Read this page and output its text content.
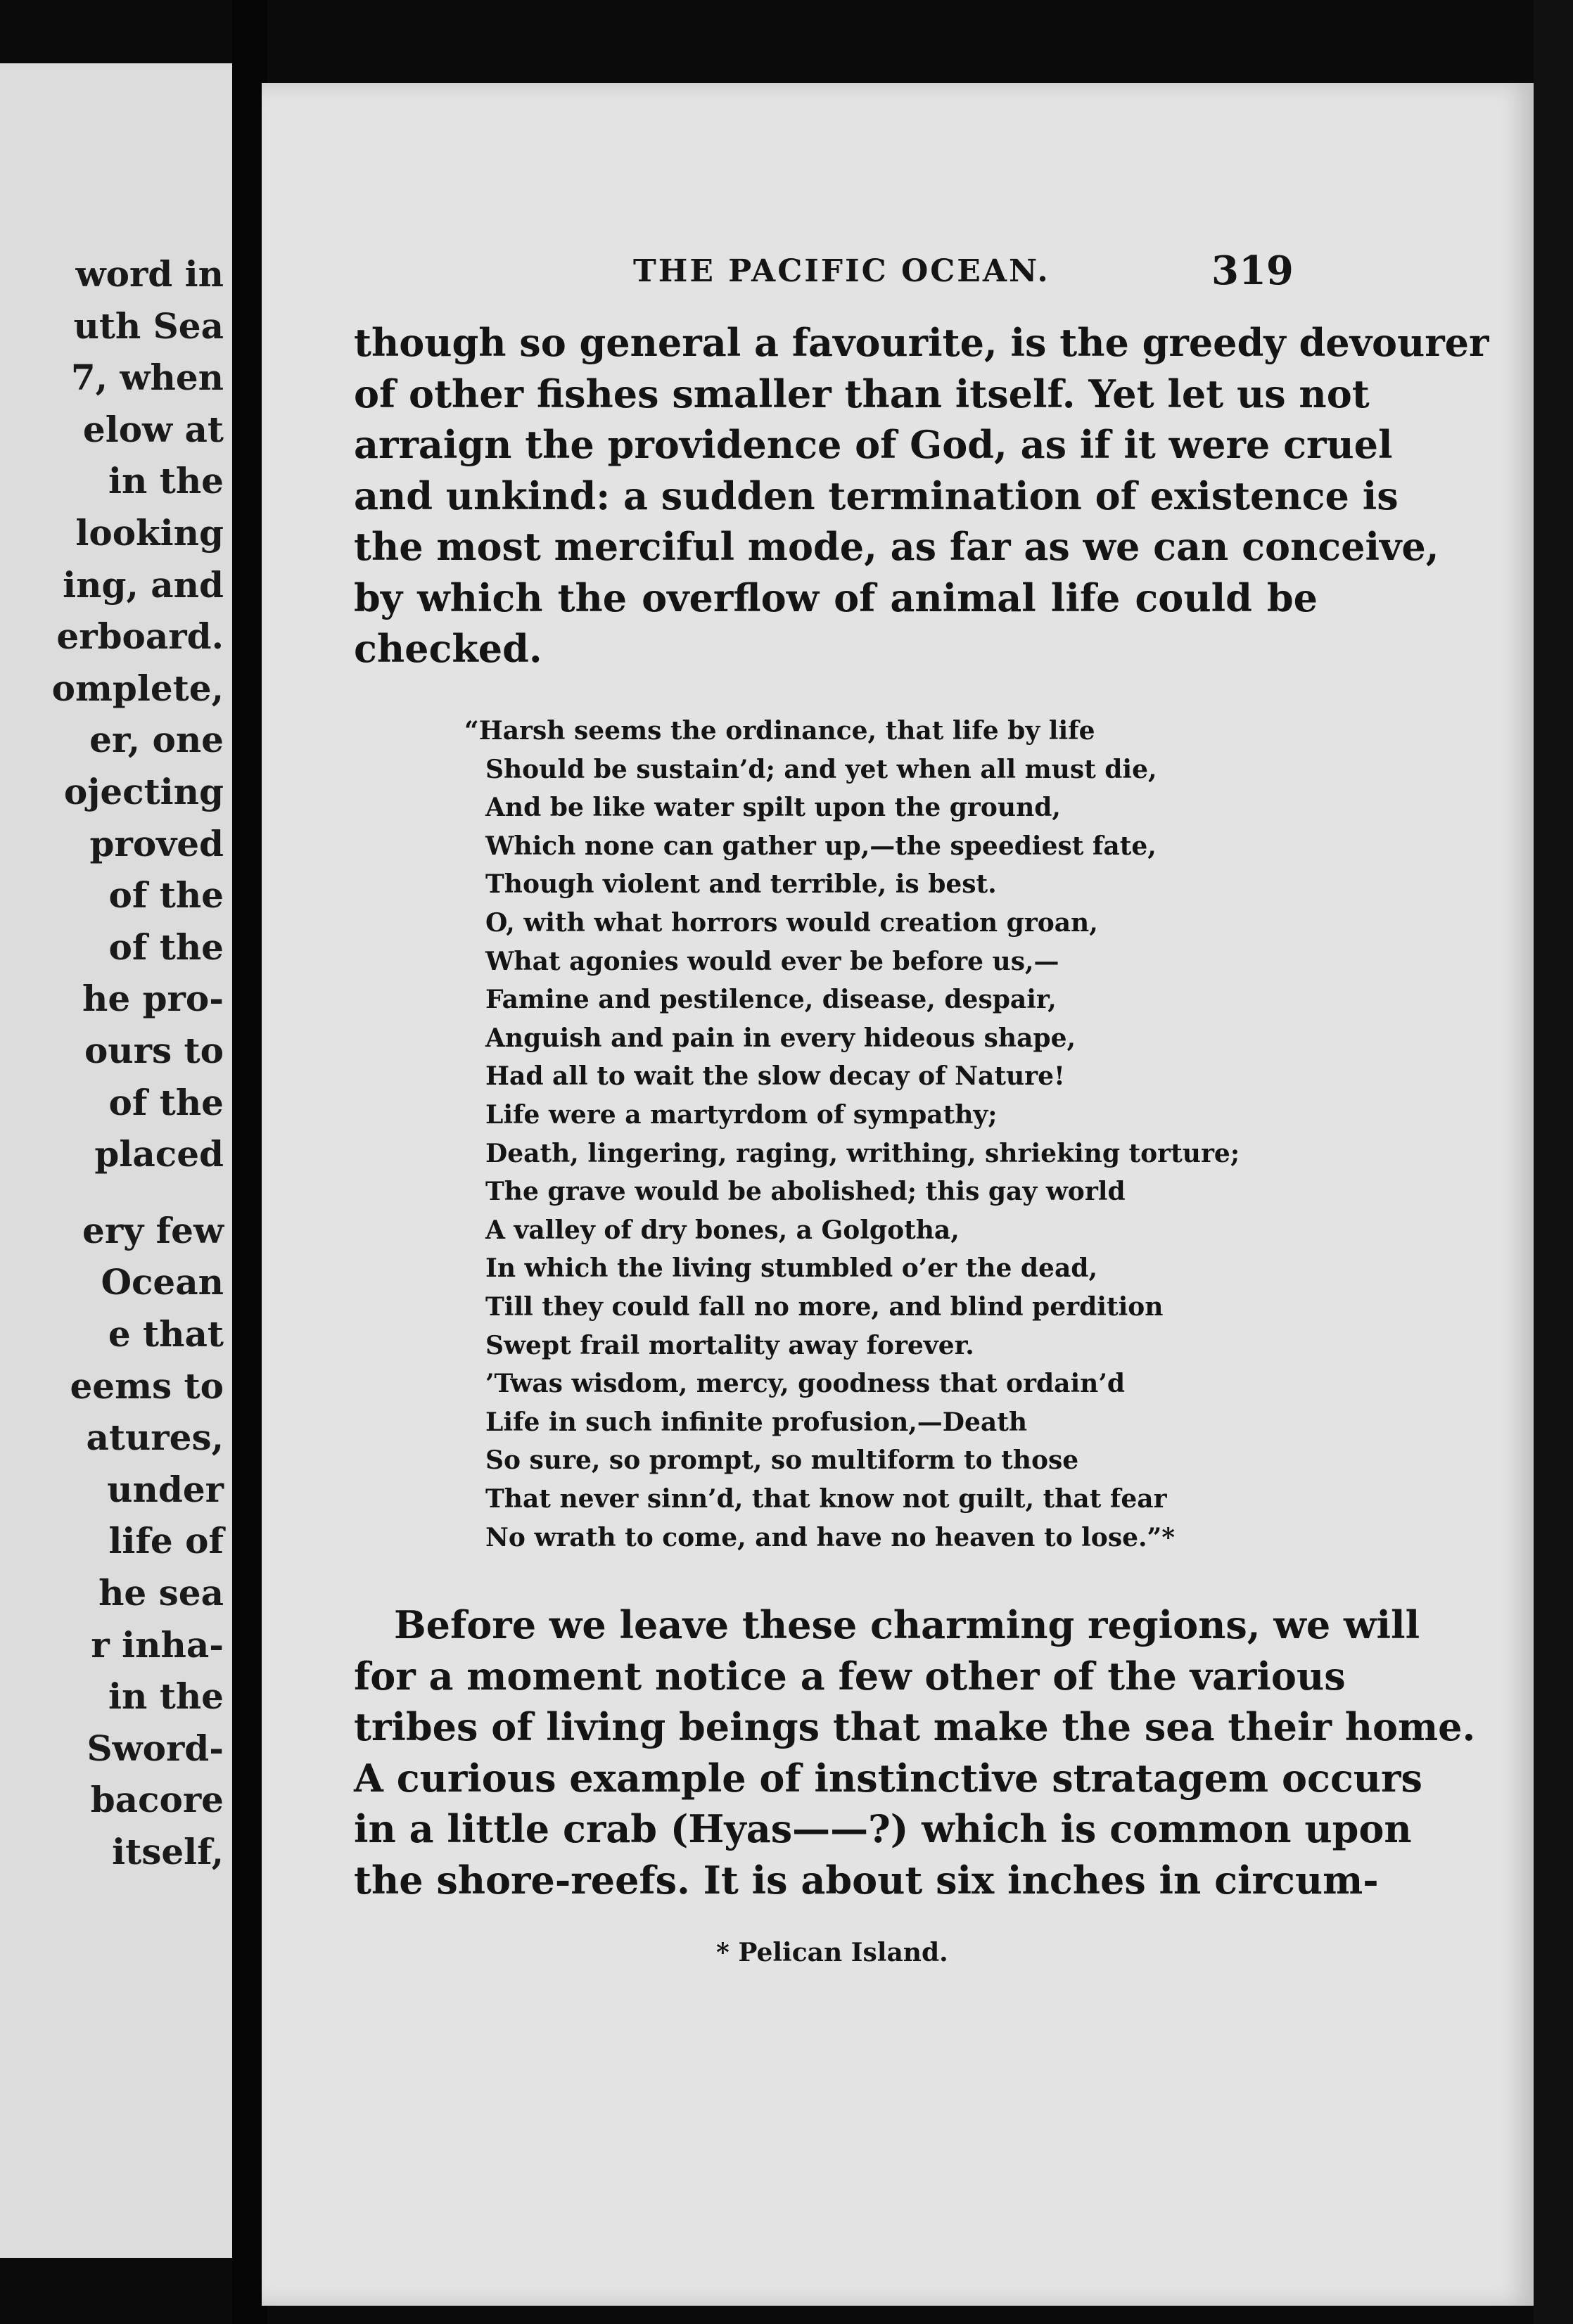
word in
uth Sea
7, when
elow at
in the
looking
ing, and
erboard.
omplete,
er, one
ojecting
proved
of the
of the
he pro-
ours to
of the
placed
ery few
Ocean
e that
eems to
atures,
under
life of
he sea
r inha-
in the
Sword-
bacore
itself,
THE PACIFIC OCEAN.	319
though so general a favourite, is the greedy devourer
of other fishes smaller than itself. Yet let us not
arraign the providence of God, as if it were cruel
and unkind: a sudden termination of existence is
the most merciful mode, as far as we can conceive,
by which the overflow of animal life could be
checked.
“Harsh seems the ordinance, that life by life
Should be sustain’d; and yet when all must die,
And be like water spilt upon the ground,
Which none can gather up,—the speediest fate,
Though violent and terrible, is best.
O, with what horrors would creation groan,
What agonies would ever be before us,—
Famine and pestilence, disease, despair,
Anguish and pain in every hideous shape,
Had all to wait the slow decay of Nature!
Life were a martyrdom of sympathy;
Death, lingering, raging, writhing, shrieking torture;
The grave would be abolished; this gay world
A valley of dry bones, a Golgotha,
In which the living stumbled o’er the dead,
Till they could fall no more, and blind perdition
Swept frail mortality away forever.
’Twas wisdom, mercy, goodness that ordain’d
Life in such infinite profusion,—Death
So sure, so prompt, so multiform to those
That never sinn’d, that know not guilt, that fear
No wrath to come, and have no heaven to lose.”*
Before we leave these charming regions, we will
for a moment notice a few other of the various
tribes of living beings that make the sea their home.
A curious example of instinctive stratagem occurs
in a little crab (Hyas——?) which is common upon
the shore-reefs. It is about six inches in circum-
* Pelican Island.
